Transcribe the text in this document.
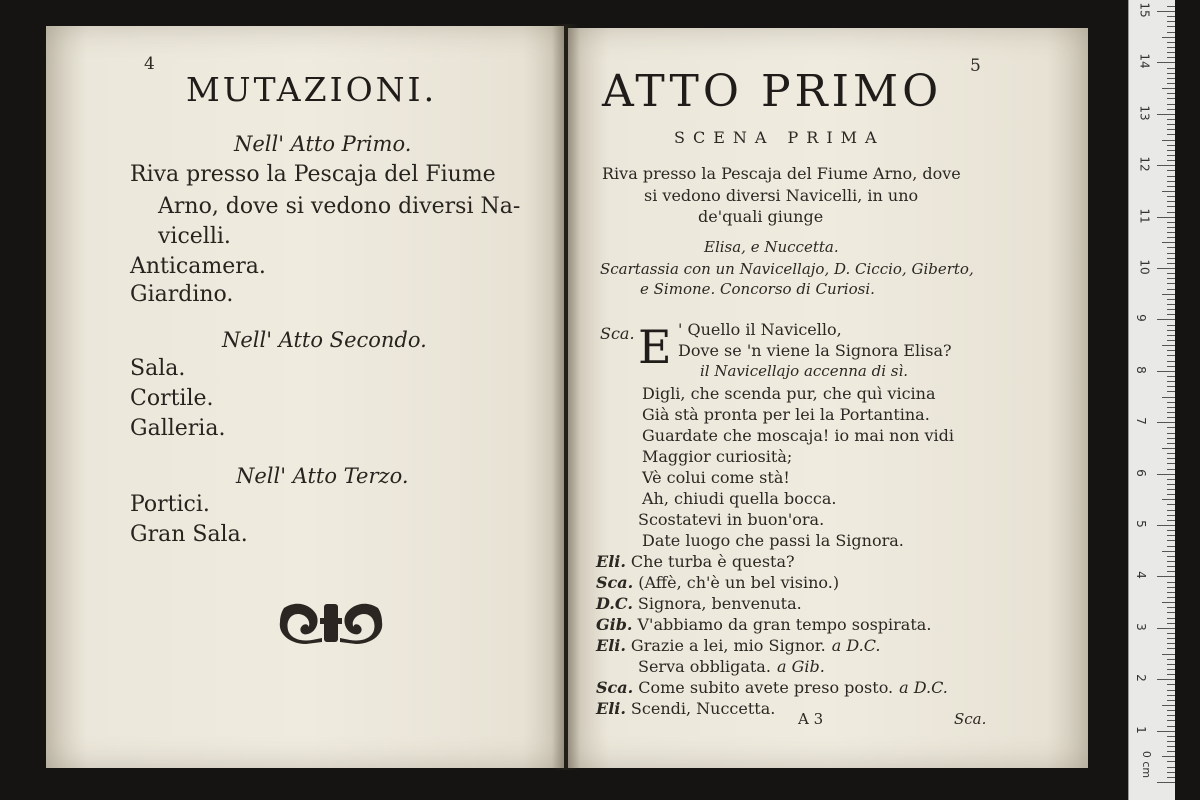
4
MUTAZIONI.
Nell' Atto Primo.
Riva presso la Pescaja del Fiume
Arno, dove si vedono diversi Na-
vicelli.
Anticamera.
Giardino.
Nell' Atto Secondo.
Sala.
Cortile.
Galleria.
Nell' Atto Terzo.
Portici.
Gran Sala.
5
ATTO PRIMO
SCENA PRIMA
Riva presso la Pescaja del Fiume Arno, dove
si vedono diversi Navicelli, in uno
de'quali giunge
Elisa, e Nuccetta.
Scartassia con un Navicellajo, D. Ciccio, Giberto,
e Simone. Concorso di Curiosi.
Sca. E ' Quello il Navicello,
Dove se 'n viene la Signora Elisa?
il Navicellajo accenna di sì.
Digli, che scenda pur, che quì vicina
Già stà pronta per lei la Portantina.
Guardate che moscaja! io mai non vidi
Maggior curiosità;
Vè colui come stà!
Ah, chiudi quella bocca.
Scostatevi in buon'ora.
Date luogo che passi la Signora.
Eli. Che turba è questa?
Sca. (Affè, ch'è un bel visino.)
D.C. Signora, benvenuta.
Gib. V'abbiamo da gran tempo sospirata.
Eli. Grazie a lei, mio Signor. a D.C.
Serva obbligata. a Gib.
Sca. Come subito avete preso posto. a D.C.
Eli. Scendi, Nuccetta.
A 3	Sca.
0 cm
1
2
3
4
5
6
7
8
9
10
11
12
13
14
15
